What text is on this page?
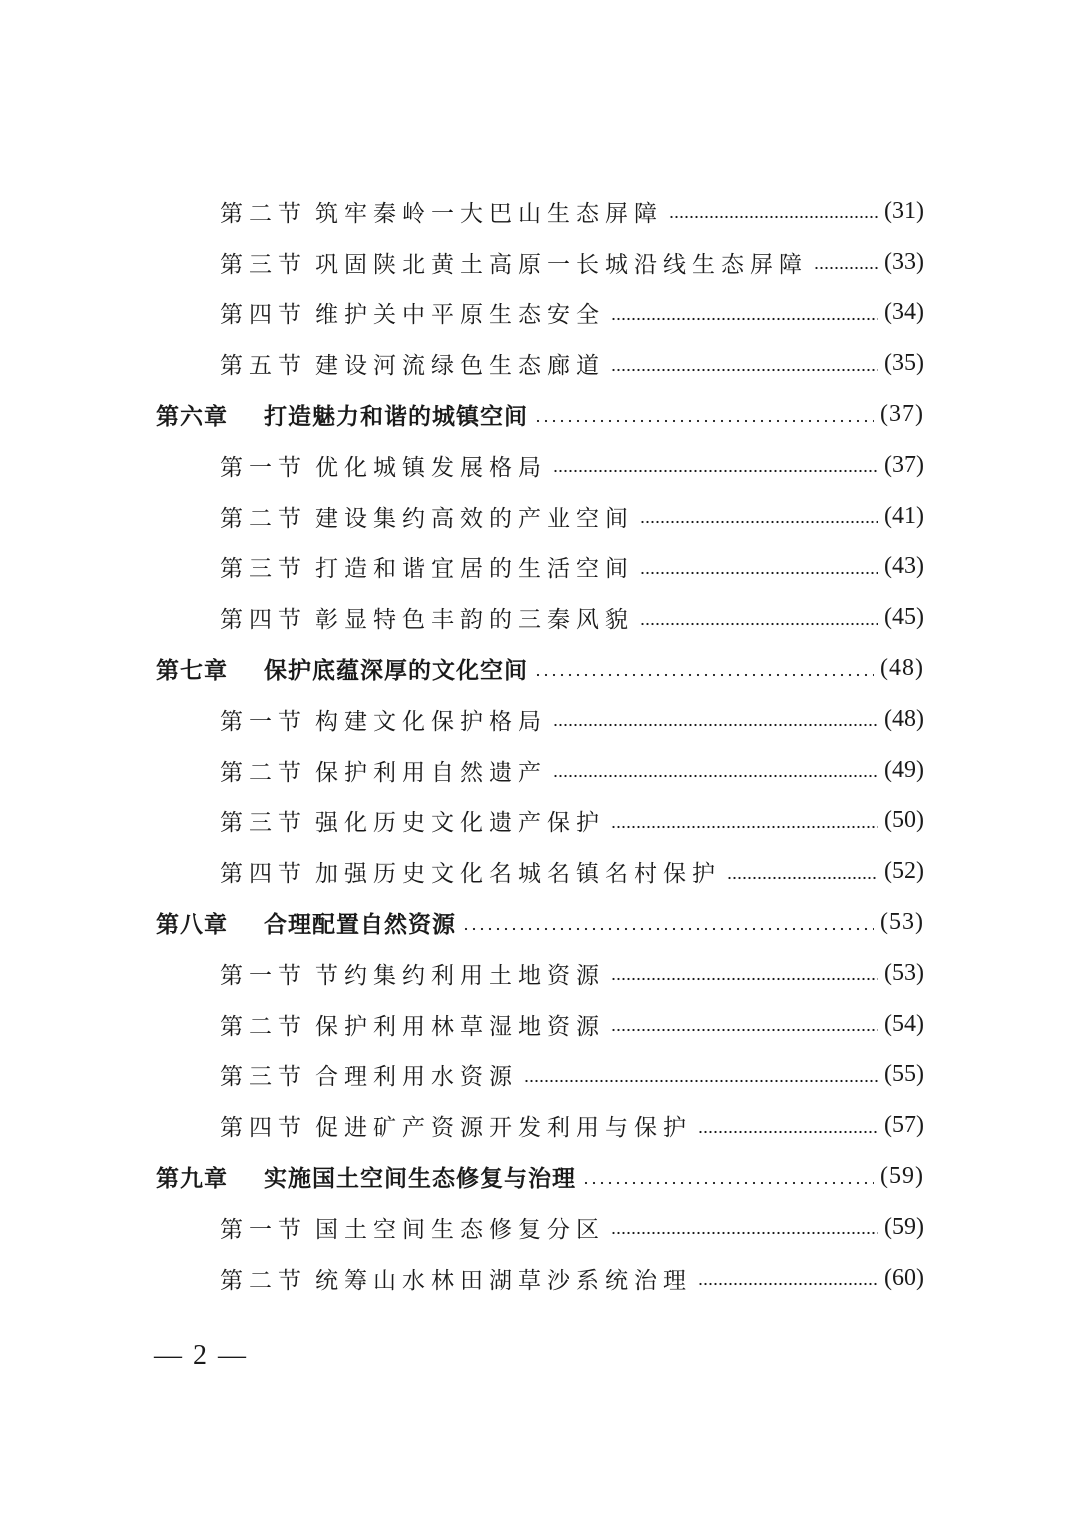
第二节 筑牢秦岭一大巴山生态屏障	(31)
第三节 巩固陕北黄土高原一长城沿线生态屏障	(33)
第四节 维护关中平原生态安全	(34)
第五节 建设河流绿色生态廊道	(35)
第六章 打造魅力和谐的城镇空间	(37)
第一节 优化城镇发展格局	(37)
第二节 建设集约高效的产业空间	(41)
第三节 打造和谐宜居的生活空间	(43)
第四节 彰显特色丰韵的三秦风貌	(45)
第七章 保护底蕴深厚的文化空间	(48)
第一节 构建文化保护格局	(48)
第二节 保护利用自然遗产	(49)
第三节 强化历史文化遗产保护	(50)
第四节 加强历史文化名城名镇名村保护	(52)
第八章 合理配置自然资源	(53)
第一节 节约集约利用土地资源	(53)
第二节 保护利用林草湿地资源	(54)
第三节 合理利用水资源	(55)
第四节 促进矿产资源开发利用与保护	(57)
第九章 实施国土空间生态修复与治理	(59)
第一节 国土空间生态修复分区	(59)
第二节 统筹山水林田湖草沙系统治理	(60)
— 2 —
